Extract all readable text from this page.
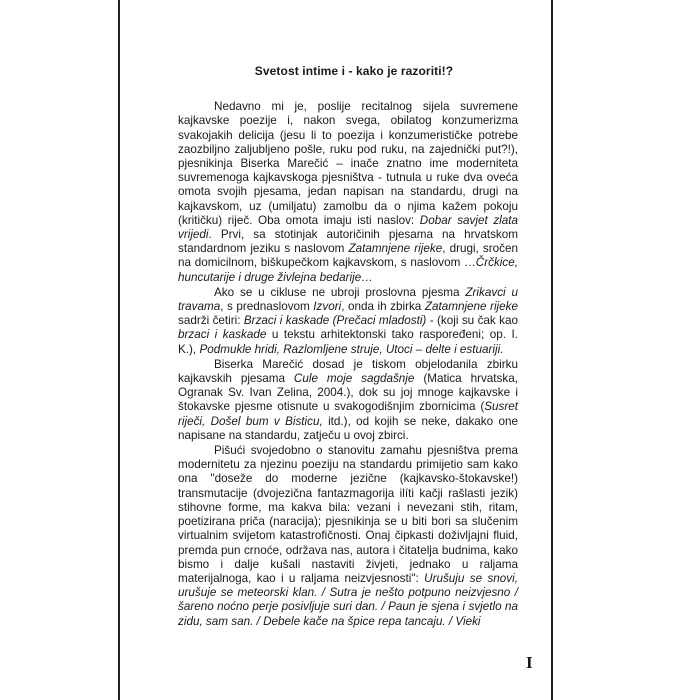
Svetost intime i - kako je razoriti!?

Nedavno mi je, poslije recitalnog sijela suvremene kajkavske poezije i, nakon svega, obilatog konzumerizma svakojakih delicija (jesu li to poezija i konzumerističke potrebe zaozbiljno zaljubljeno pošle, ruku pod ruku, na zajednički put?!), pjesnikinja Biserka Marečić – inače znatno ime moderniteta suvremenoga kajkavskoga pjesništva - tutnula u ruke dva oveća omota svojih pjesama, jedan napisan na standardu, drugi na kajkavskom, uz (umiljatu) zamolbu da o njima kažem pokoju (kritičku) riječ. Oba omota imaju isti naslov: Dobar savjet zlata vrijedi. Prvi, sa stotinjak autoričinih pjesama na hrvatskom standardnom jeziku s naslovom Zatamnjene rijeke, drugi, sročen na domicilnom, biškupečkom kajkavskom, s naslovom …Črčkice, huncutarije i druge živlejna bedarije…

Ako se u cikluse ne ubroji proslovna pjesma Zrikavci u travama, s prednaslovom Izvori, onda ih zbirka Zatamnjene rijeke sadrži četiri: Brzaci i kaskade (Prečaci mladosti) - (koji su čak kao brzaci i kaskade u tekstu arhitektonski tako raspoređeni; op. I. K.), Podmukle hridi, Razlomljene struje, Utoci – delte i estuariji.

Biserka Marečić dosad je tiskom objelodanila zbirku kajkavskih pjesama Cule moje sagdašnje (Matica hrvatska, Ogranak Sv. Ivan Zelina, 2004.), dok su joj mnoge kajkavske i štokavske pjesme otisnute u svakogodišnjim zbornicima (Susret riječi, Došel bum v Bisticu, itd.), od kojih se neke, dakako one napisane na standardu, zatječu u ovoj zbirci.

Pišući svojedobno o stanovitu zamahu pjesništva prema modernitetu za njezinu poeziju na standardu primijetio sam kako ona "dosežе do moderne jezične (kajkavsko-štokavske!) transmutacije (dvojezična fantazmagorija ilíti kačji rašlasti jezik) stihovne forme, ma kakva bila: vezani i nevezani stih, ritam, poetizirana priča (naracija); pjesnikinja se u biti bori sa slučenim virtualnim svijetom katastrofičnosti. Onaj čipkasti doživljajni fluid, premda pun crnoće, održava nas, autora i čitatelja budnima, kako bismo i dalje kušali nastaviti živjeti, jednako u raljama materijalnoga, kao i u raljama neizvjesnosti": Urušuju se snovi, urušuje se meteorski klan. / Sutra je nešto potpuno neizvjesno / šareno noćno perje posivljuje suri dan. / Paun je sjena i svjetlo na zidu, sam san. / Debele kače na špice repa tancaju. / Vieki

I
